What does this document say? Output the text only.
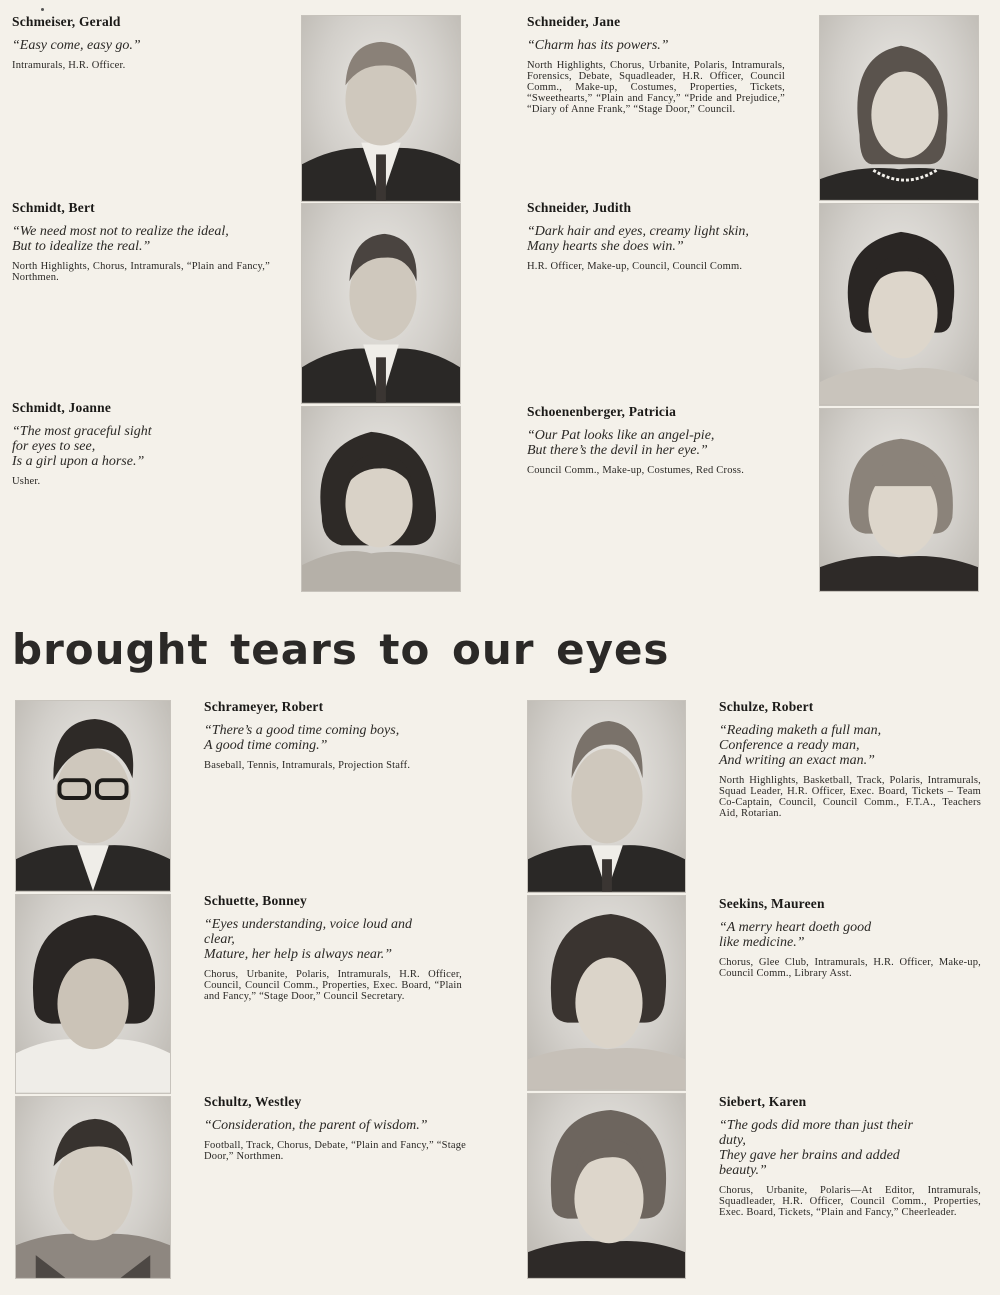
Schmeiser, Gerald

“Easy come, easy go.”

Intramurals, H.R. Officer.

Schmidt, Bert

“We need most not to realize the ideal,
But to idealize the real.”

North Highlights, Chorus, Intramurals, “Plain and Fancy,” Northmen.

Schmidt, Joanne

“The most graceful sight
for eyes to see,
Is a girl upon a horse.”

Usher.

Schneider, Jane

“Charm has its powers.”

North Highlights, Chorus, Urbanite, Polaris, Intramurals, Forensics, Debate, Squadleader, H.R. Officer, Council Comm., Make-up, Costumes, Properties, Tickets, “Sweethearts,” “Plain and Fancy,” “Pride and Prejudice,” “Diary of Anne Frank,” “Stage Door,” Council.

Schneider, Judith

“Dark hair and eyes, creamy light skin,
Many hearts she does win.”

H.R. Officer, Make-up, Council, Council Comm.

Schoenenberger, Patricia

“Our Pat looks like an angel-pie,
But there’s the devil in her eye.”

Council Comm., Make-up, Costumes, Red Cross.

brought tears to our eyes

Schrameyer, Robert

“There’s a good time coming boys,
A good time coming.”

Baseball, Tennis, Intramurals, Projection Staff.

Schuette, Bonney

“Eyes understanding, voice loud and
clear,
Mature, her help is always near.”

Chorus, Urbanite, Polaris, Intramurals, H.R. Officer, Council, Council Comm., Properties, Exec. Board, “Plain and Fancy,” “Stage Door,” Council Secretary.

Schultz, Westley

“Consideration, the parent of wisdom.”

Football, Track, Chorus, Debate, “Plain and Fancy,” “Stage Door,” Northmen.

Schulze, Robert

“Reading maketh a full man,
Conference a ready man,
And writing an exact man.”

North Highlights, Basketball, Track, Polaris, Intramurals, Squad Leader, H.R. Officer, Exec. Board, Tickets – Team Co-Captain, Council, Council Comm., F.T.A., Teachers Aid, Rotarian.

Seekins, Maureen

“A merry heart doeth good
like medicine.”

Chorus, Glee Club, Intramurals, H.R. Officer, Make-up, Council Comm., Library Asst.

Siebert, Karen

“The gods did more than just their
duty,
They gave her brains and added
beauty.”

Chorus, Urbanite, Polaris—At Editor, Intramurals, Squadleader, H.R. Officer, Council Comm., Properties, Exec. Board, Tickets, “Plain and Fancy,” Cheerleader.
